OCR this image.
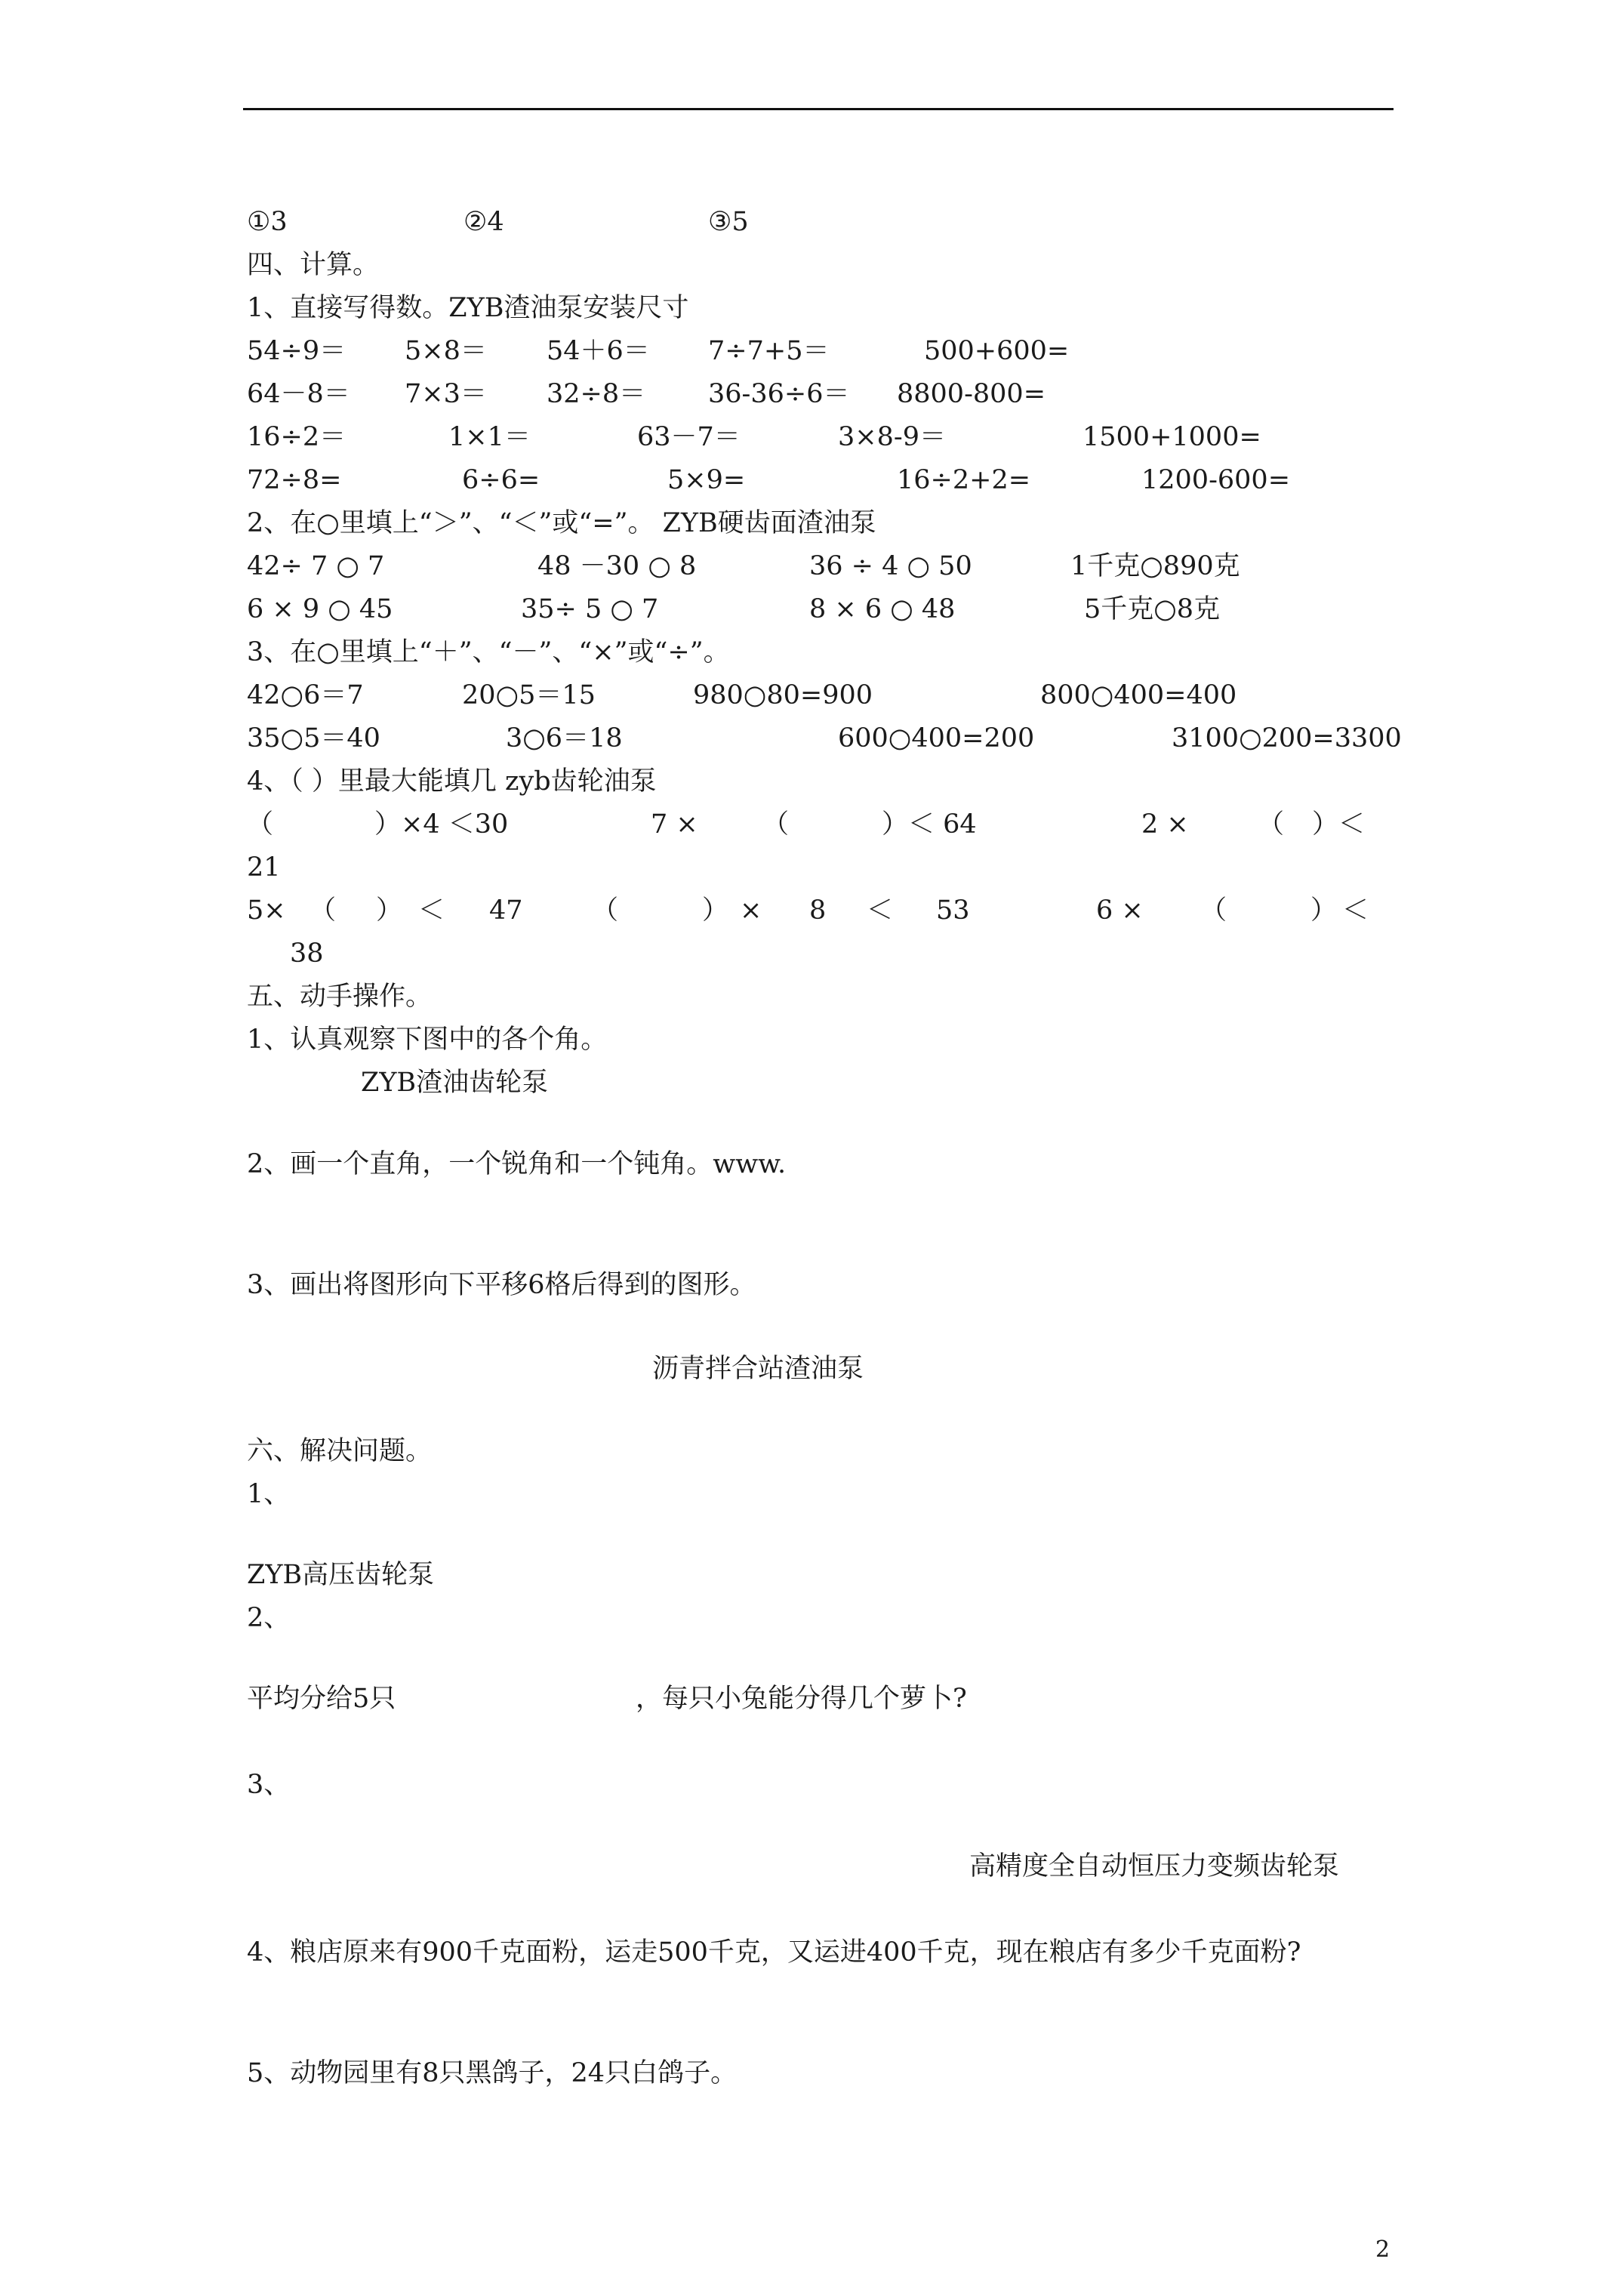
①3	②4	③5
四、计算。
1、直接写得数。ZYB渣油泵安装尺寸
54÷9＝ 5×8＝ 54＋6＝ 7÷7+5＝	500+600=
64－8＝ 7×3＝ 32÷8＝ 36-36÷6＝ 8800-800=
16÷2＝	1×1＝	63－7＝	3×8-9＝	1500+1000=
72÷8=	6÷6=	5×9=	16÷2+2=	1200-600=
2、在○里填上“＞”、“＜”或“=”。 ZYB硬齿面渣油泵
42÷ 7 ○ 7	48 －30 ○ 8	36 ÷ 4 ○ 50	1千克○890克
6 × 9 ○ 45	35÷ 5 ○ 7	8 × 6 ○ 48	5千克○8克
3、在○里填上“＋”、“－”、“×”或“÷”。
42○6＝7	20○5＝15	980○80=900	800○400=400
35○5＝40	3○6＝18	600○400=200	3100○200=3300
4、（ ）里最大能填几 zyb齿轮油泵
（	）×4 ＜30	7 × （	）＜ 64	2 ×	（ ）＜
21
5× （ ） ＜ 47	（	） × 8 ＜ 53	6 × （	） ＜
38
五、动手操作。
1、认真观察下图中的各个角。
ZYB渣油齿轮泵
2、画一个直角，一个锐角和一个钝角。www.
3、画出将图形向下平移6格后得到的图形。
沥青拌合站渣油泵
六、解决问题。
1、
ZYB高压齿轮泵
2、
平均分给5只	，每只小兔能分得几个萝卜?
3、
高精度全自动恒压力变频齿轮泵
4、粮店原来有900千克面粉，运走500千克，又运进400千克，现在粮店有多少千克面粉?
5、动物园里有8只黑鸽子，24只白鸽子。
2
